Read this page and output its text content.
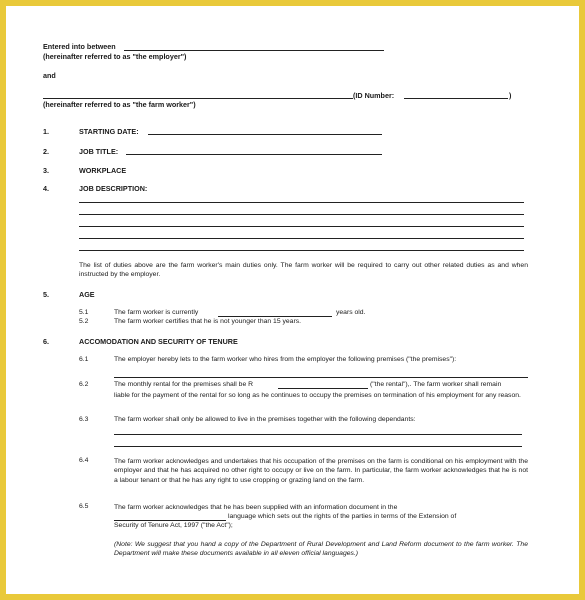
Entered into between
(hereinafter referred to as "the employer")
and
(ID Number:	)
(hereinafter referred to as "the farm worker")
1.	STARTING DATE:
2.	JOB TITLE:
3.	WORKPLACE
4.	JOB DESCRIPTION:
The list of duties above are the farm worker's main duties only. The farm worker will be required to carry out other related duties as and when instructed by the employer.
5.	AGE
5.1	The farm worker is currently	years old.
5.2	The farm worker certifies that he is not younger than 15 years.
6.	ACCOMODATION AND SECURITY OF TENURE
6.1	The employer hereby lets to the farm worker who hires from the employer the following premises ("the premises"):
6.2	The monthly rental for the premises shall be R	("the rental"),. The farm worker shall remain
liable for the payment of the rental for so long as he continues to occupy the premises on termination of his employment for any reason.
6.3	The farm worker shall only be allowed to live in the premises together with the following dependants:
6.4	The farm worker acknowledges and undertakes that his occupation of the premises on the farm is conditional on his employment with the employer and that he has acquired no other right to occupy or live on the farm. In particular, the farm worker acknowledges that he is not a labour tenant or that he has any right to use cropping or grazing land on the farm.
6.5	The farm worker acknowledges that he has been supplied with an information document in the
language which sets out the rights of the parties in terms of the Extension of
Security of Tenure Act, 1997 ("the Act");
(Note: We suggest that you hand a copy of the Department of Rural Development and Land Reform document to the farm worker. The Department will make these documents available in all eleven official languages.)
